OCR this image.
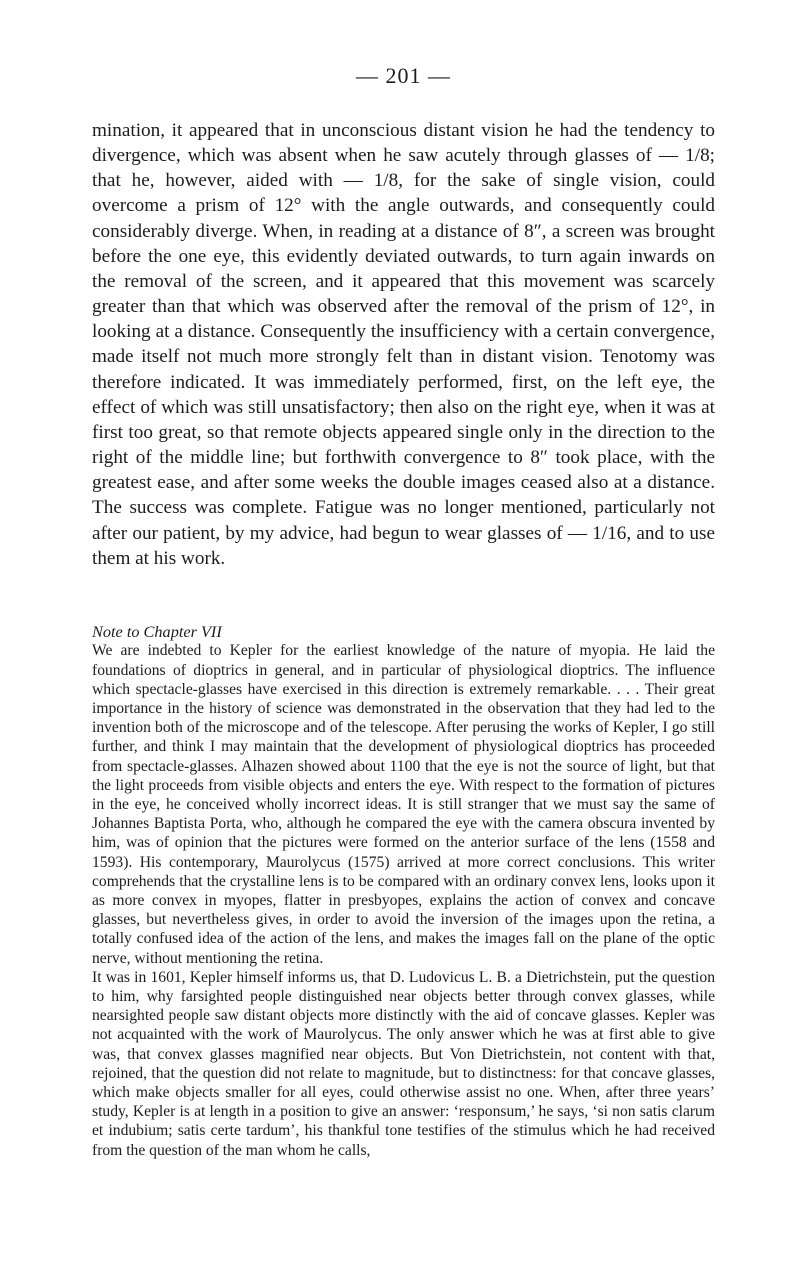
— 201 —

mination, it appeared that in unconscious distant vision he had the tendency to divergence, which was absent when he saw acutely through glasses of — 1/8; that he, however, aided with — 1/8, for the sake of single vision, could overcome a prism of 12° with the angle outwards, and consequently could considerably diverge. When, in reading at a distance of 8″, a screen was brought before the one eye, this evidently deviated outwards, to turn again inwards on the removal of the screen, and it appeared that this movement was scarcely greater than that which was observed after the removal of the prism of 12°, in looking at a distance. Consequently the insufficiency with a certain convergence, made itself not much more strongly felt than in distant vision. Tenotomy was therefore indicated. It was immediately performed, first, on the left eye, the effect of which was still unsatisfactory; then also on the right eye, when it was at first too great, so that remote objects appeared single only in the direction to the right of the middle line; but forthwith convergence to 8″ took place, with the greatest ease, and after some weeks the double images ceased also at a distance. The success was complete. Fatigue was no longer mentioned, particularly not after our patient, by my advice, had begun to wear glasses of — 1/16, and to use them at his work.

Note to Chapter VII

We are indebted to Kepler for the earliest knowledge of the nature of myopia. He laid the foundations of dioptrics in general, and in particular of physiological dioptrics. The influence which spectacle-glasses have exercised in this direction is extremely remarkable. . . . Their great importance in the history of science was demonstrated in the observation that they had led to the invention both of the microscope and of the telescope. After perusing the works of Kepler, I go still further, and think I may maintain that the development of physiological dioptrics has proceeded from spectacle-glasses. Alhazen showed about 1100 that the eye is not the source of light, but that the light proceeds from visible objects and enters the eye. With respect to the formation of pictures in the eye, he conceived wholly incorrect ideas. It is still stranger that we must say the same of Johannes Baptista Porta, who, although he compared the eye with the camera obscura invented by him, was of opinion that the pictures were formed on the anterior surface of the lens (1558 and 1593). His contemporary, Maurolycus (1575) arrived at more correct conclusions. This writer comprehends that the crystalline lens is to be compared with an ordinary convex lens, looks upon it as more convex in myopes, flatter in presbyopes, explains the action of convex and concave glasses, but nevertheless gives, in order to avoid the inversion of the images upon the retina, a totally confused idea of the action of the lens, and makes the images fall on the plane of the optic nerve, without mentioning the retina.

It was in 1601, Kepler himself informs us, that D. Ludovicus L. B. a Dietrichstein, put the question to him, why farsighted people distinguished near objects better through convex glasses, while nearsighted people saw distant objects more distinctly with the aid of concave glasses. Kepler was not acquainted with the work of Maurolycus. The only answer which he was at first able to give was, that convex glasses magnified near objects. But Von Dietrichstein, not content with that, rejoined, that the question did not relate to magnitude, but to distinctness: for that concave glasses, which make objects smaller for all eyes, could otherwise assist no one. When, after three years’ study, Kepler is at length in a position to give an answer: ‘responsum,’ he says, ‘si non satis clarum et indubium; satis certe tardum’, his thankful tone testifies of the stimulus which he had received from the question of the man whom he calls,
